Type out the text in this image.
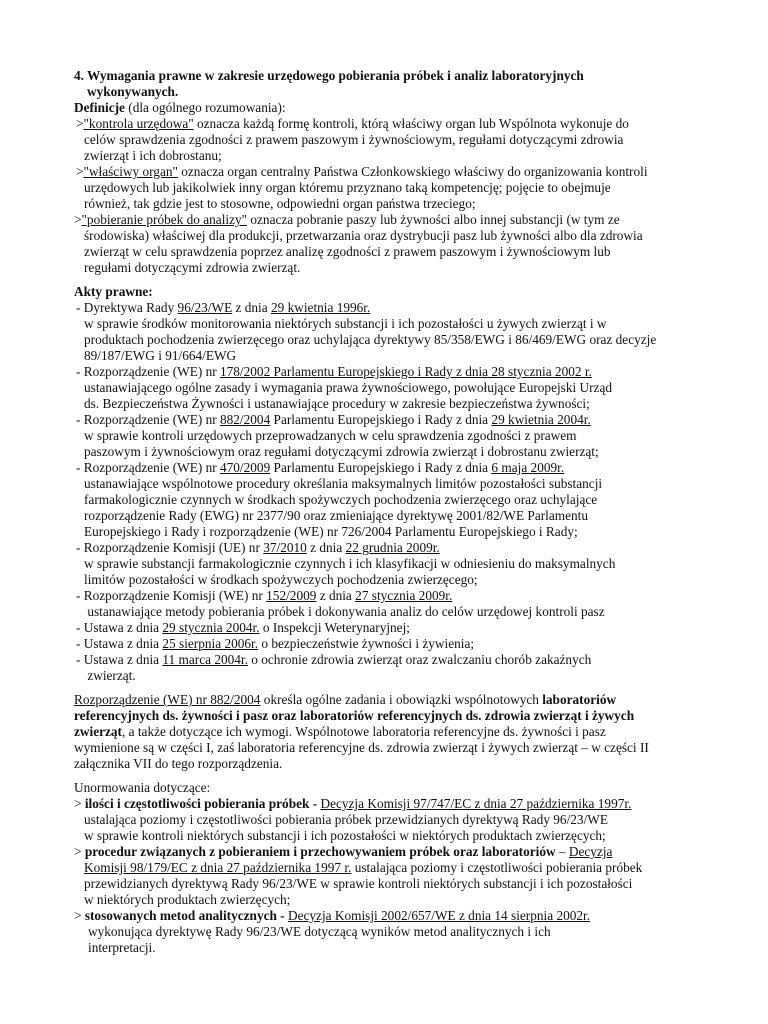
4. Wymagania prawne w zakresie urzędowego pobierania próbek i analiz laboratoryjnych
wykonywanych.
Definicje (dla ogólnego rozumowania):
>"kontrola urzędowa" oznacza każdą formę kontroli, którą właściwy organ lub Wspólnota wykonuje do
celów sprawdzenia zgodności z prawem paszowym i żywnościowym, regułami dotyczącymi zdrowia
zwierząt i ich dobrostanu;
>"właściwy organ" oznacza organ centralny Państwa Członkowskiego właściwy do organizowania kontroli
urzędowych lub jakikolwiek inny organ któremu przyznano taką kompetencję; pojęcie to obejmuje
również, tak gdzie jest to stosowne, odpowiedni organ państwa trzeciego;
>"pobieranie próbek do analizy" oznacza pobranie paszy lub żywności albo innej substancji (w tym ze
środowiska) właściwej dla produkcji, przetwarzania oraz dystrybucji pasz lub żywności albo dla zdrowia
zwierząt w celu sprawdzenia poprzez analizę zgodności z prawem paszowym i żywnościowym lub
regułami dotyczącymi zdrowia zwierząt.
Akty prawne:
- Dyrektywa Rady 96/23/WE z dnia 29 kwietnia 1996r.
w sprawie środków monitorowania niektórych substancji i ich pozostałości u żywych zwierząt i w
produktach pochodzenia zwierzęcego oraz uchylająca dyrektywy 85/358/EWG i 86/469/EWG oraz decyzje
89/187/EWG i 91/664/EWG
- Rozporządzenie (WE) nr 178/2002 Parlamentu Europejskiego i Rady z dnia 28 stycznia 2002 r.
ustanawiającego ogólne zasady i wymagania prawa żywnościowego, powołujące Europejski Urząd
ds. Bezpieczeństwa Żywności i ustanawiające procedury w zakresie bezpieczeństwa żywności;
- Rozporządzenie (WE) nr 882/2004 Parlamentu Europejskiego i Rady z dnia 29 kwietnia 2004r.
w sprawie kontroli urzędowych przeprowadzanych w celu sprawdzenia zgodności z prawem
paszowym i żywnościowym oraz regułami dotyczącymi zdrowia zwierząt i dobrostanu zwierząt;
- Rozporządzenie (WE) nr 470/2009 Parlamentu Europejskiego i Rady z dnia 6 maja 2009r.
ustanawiające wspólnotowe procedury określania maksymalnych limitów pozostałości substancji
farmakologicznie czynnych w środkach spożywczych pochodzenia zwierzęcego oraz uchylające
rozporządzenie Rady (EWG) nr 2377/90 oraz zmieniające dyrektywę 2001/82/WE Parlamentu
Europejskiego i Rady i rozporządzenie (WE) nr 726/2004 Parlamentu Europejskiego i Rady;
- Rozporządzenie Komisji (UE) nr 37/2010 z dnia 22 grudnia 2009r.
w sprawie substancji farmakologicznie czynnych i ich klasyfikacji w odniesieniu do maksymalnych
limitów pozostałości w środkach spożywczych pochodzenia zwierzęcego;
- Rozporządzenie Komisji (WE) nr 152/2009 z dnia 27 stycznia 2009r.
ustanawiające metody pobierania próbek i dokonywania analiz do celów urzędowej kontroli pasz
- Ustawa z dnia 29 stycznia 2004r. o Inspekcji Weterynaryjnej;
- Ustawa z dnia 25 sierpnia 2006r. o bezpieczeństwie żywności i żywienia;
- Ustawa z dnia 11 marca 2004r. o ochronie zdrowia zwierząt oraz zwalczaniu chorób zakaźnych
zwierząt.
Rozporządzenie (WE) nr 882/2004 określa ogólne zadania i obowiązki wspólnotowych laboratoriów
referencyjnych ds. żywności i pasz oraz laboratoriów referencyjnych ds. zdrowia zwierząt i żywych
zwierząt, a także dotyczące ich wymogi. Wspólnotowe laboratoria referencyjne ds. żywności i pasz
wymienione są w części I, zaś laboratoria referencyjne ds. zdrowia zwierząt i żywych zwierząt – w części II
załącznika VII do tego rozporządzenia.
Unormowania dotyczące:
> ilości i częstotliwości pobierania próbek - Decyzja Komisji 97/747/EC z dnia 27 października 1997r.
ustalająca poziomy i częstotliwości pobierania próbek przewidzianych dyrektywą Rady 96/23/WE
w sprawie kontroli niektórych substancji i ich pozostałości w niektórych produktach zwierzęcych;
> procedur związanych z pobieraniem i przechowywaniem próbek oraz laboratoriów – Decyzja
Komisji 98/179/EC z dnia 27 października 1997 r. ustalająca poziomy i częstotliwości pobierania próbek
przewidzianych dyrektywą Rady 96/23/WE w sprawie kontroli niektórych substancji i ich pozostałości
w niektórych produktach zwierzęcych;
> stosowanych metod analitycznych - Decyzja Komisji 2002/657/WE z dnia 14 sierpnia 2002r.
wykonująca dyrektywę Rady 96/23/WE dotyczącą wyników metod analitycznych i ich
interpretacji.
